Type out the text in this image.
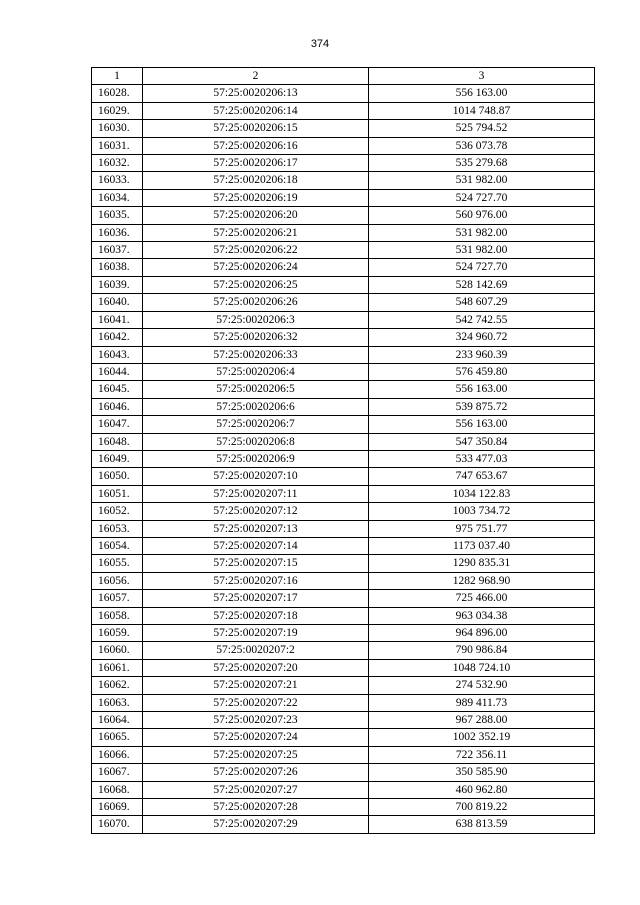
374
1	2	3
16028.	57:25:0020206:13	556 163.00
16029.	57:25:0020206:14	1014 748.87
16030.	57:25:0020206:15	525 794.52
16031.	57:25:0020206:16	536 073.78
16032.	57:25:0020206:17	535 279.68
16033.	57:25:0020206:18	531 982.00
16034.	57:25:0020206:19	524 727.70
16035.	57:25:0020206:20	560 976.00
16036.	57:25:0020206:21	531 982.00
16037.	57:25:0020206:22	531 982.00
16038.	57:25:0020206:24	524 727.70
16039.	57:25:0020206:25	528 142.69
16040.	57:25:0020206:26	548 607.29
16041.	57:25:0020206:3	542 742.55
16042.	57:25:0020206:32	324 960.72
16043.	57:25:0020206:33	233 960.39
16044.	57:25:0020206:4	576 459.80
16045.	57:25:0020206:5	556 163.00
16046.	57:25:0020206:6	539 875.72
16047.	57:25:0020206:7	556 163.00
16048.	57:25:0020206:8	547 350.84
16049.	57:25:0020206:9	533 477.03
16050.	57:25:0020207:10	747 653.67
16051.	57:25:0020207:11	1034 122.83
16052.	57:25:0020207:12	1003 734.72
16053.	57:25:0020207:13	975 751.77
16054.	57:25:0020207:14	1173 037.40
16055.	57:25:0020207:15	1290 835.31
16056.	57:25:0020207:16	1282 968.90
16057.	57:25:0020207:17	725 466.00
16058.	57:25:0020207:18	963 034.38
16059.	57:25:0020207:19	964 896.00
16060.	57:25:0020207:2	790 986.84
16061.	57:25:0020207:20	1048 724.10
16062.	57:25:0020207:21	274 532.90
16063.	57:25:0020207:22	989 411.73
16064.	57:25:0020207:23	967 288.00
16065.	57:25:0020207:24	1002 352.19
16066.	57:25:0020207:25	722 356.11
16067.	57:25:0020207:26	350 585.90
16068.	57:25:0020207:27	460 962.80
16069.	57:25:0020207:28	700 819.22
16070.	57:25:0020207:29	638 813.59
